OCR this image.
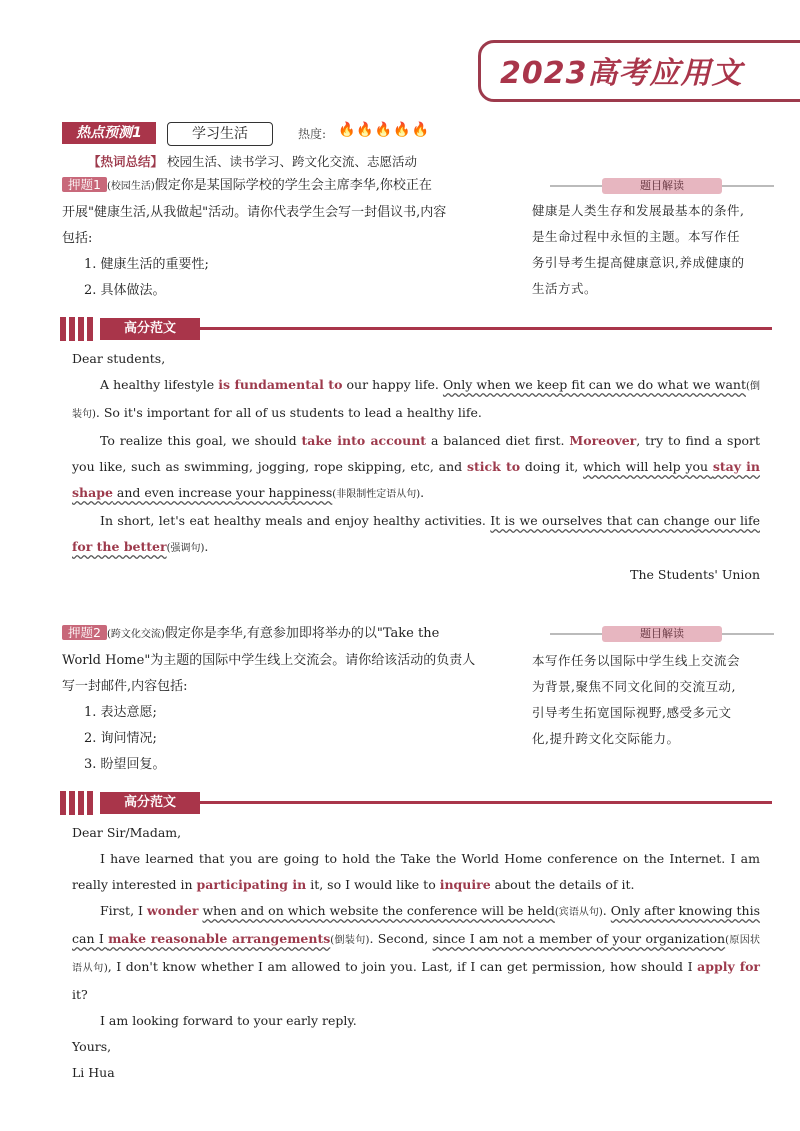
2023高考应用文
热点预测1	学习生活	热度: 🔥🔥🔥🔥🔥
【热词总结】 校园生活、读书学习、跨文化交流、志愿活动
押题1 (校园生活)假定你是某国际学校的学生会主席李华,你校正在
开展"健康生活,从我做起"活动。请你代表学生会写一封倡议书,内容
包括:
1. 健康生活的重要性;
2. 具体做法。
题目解读
健康是人类生存和发展最基本的条件,
是生命过程中永恒的主题。本写作任
务引导考生提高健康意识,养成健康的
生活方式。
高分范文

Dear students,

A healthy lifestyle is fundamental to our happy life. Only when we keep fit can we do what we want(倒装句). So it's important for all of us students to lead a healthy life.

To realize this goal, we should take into account a balanced diet first. Moreover, try to find a sport you like, such as swimming, jogging, rope skipping, etc, and stick to doing it, which will help you stay in shape and even increase your happiness(非限制性定语从句).

In short, let's eat healthy meals and enjoy healthy activities. It is we ourselves that can change our life for the better(强调句).

The Students' Union

押题2 (跨文化交流)假定你是李华,有意参加即将举办的以"Take the
World Home"为主题的国际中学生线上交流会。请你给该活动的负责人
写一封邮件,内容包括:
1. 表达意愿;
2. 询问情况;
3. 盼望回复。
题目解读
本写作任务以国际中学生线上交流会
为背景,聚焦不同文化间的交流互动,
引导考生拓宽国际视野,感受多元文
化,提升跨文化交际能力。
高分范文

Dear Sir/Madam,

I have learned that you are going to hold the Take the World Home conference on the Internet. I am really interested in participating in it, so I would like to inquire about the details of it.

First, I wonder when and on which website the conference will be held(宾语从句). Only after knowing this can I make reasonable arrangements(倒装句). Second, since I am not a member of your organization(原因状语从句), I don't know whether I am allowed to join you. Last, if I can get permission, how should I apply for it?

I am looking forward to your early reply.

Yours,

Li Hua
